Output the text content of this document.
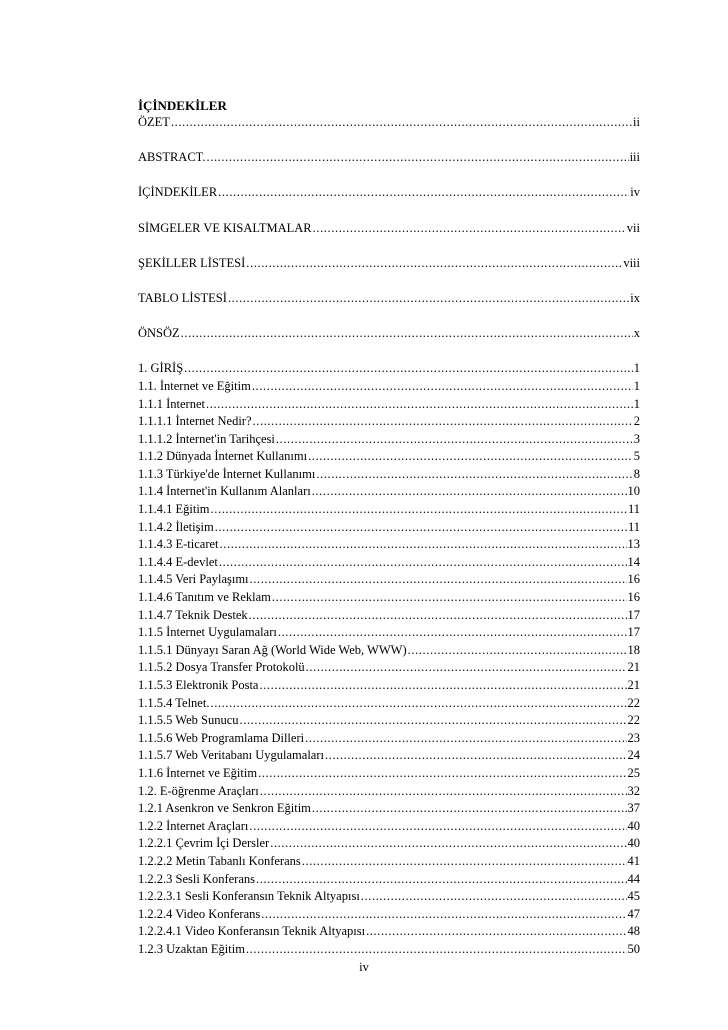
İÇİNDEKİLER
ÖZET .....	ii
ABSTRACT. .....	iii
İÇİNDEKİLER .....	iv
SİMGELER VE KISALTMALAR .....	vii
ŞEKİLLER LİSTESİ .....	viii
TABLO LİSTESİ .....	ix
ÖNSÖZ .....	x
1. GİRİŞ .....	1
1.1. İnternet ve Eğitim .....	1
1.1.1 İnternet .....	1
1.1.1.1 İnternet Nedir? .....	2
1.1.1.2 İnternet'in Tarihçesi .....	3
1.1.2 Dünyada İnternet Kullanımı .....	5
1.1.3 Türkiye'de İnternet Kullanımı .....	8
1.1.4 İnternet'in Kullanım Alanları .....	10
1.1.4.1 Eğitim .....	11
1.1.4.2 İletişim .....	11
1.1.4.3 E-ticaret .....	13
1.1.4.4 E-devlet .....	14
1.1.4.5 Veri Paylaşımı .....	16
1.1.4.6 Tanıtım ve Reklam .....	16
1.1.4.7 Teknik Destek .....	17
1.1.5 İnternet Uygulamaları .....	17
1.1.5.1 Dünyayı Saran Ağ (World Wide Web, WWW) .....	18
1.1.5.2 Dosya Transfer Protokolü .....	21
1.1.5.3 Elektronik Posta .....	21
1.1.5.4 Telnet. .....	22
1.1.5.5 Web Sunucu .....	22
1.1.5.6 Web Programlama Dilleri .....	23
1.1.5.7 Web Veritabanı Uygulamaları .....	24
1.1.6 İnternet ve Eğitim .....	25
1.2. E-öğrenme Araçları .....	32
1.2.1 Asenkron ve Senkron Eğitim .....	37
1.2.2 İnternet Araçları .....	40
1.2.2.1 Çevrim İçi Dersler .....	40
1.2.2.2 Metin Tabanlı Konferans .....	41
1.2.2.3 Sesli Konferans .....	44
1.2.2.3.1 Sesli Konferansın Teknik Altyapısı .....	45
1.2.2.4 Video Konferans .....	47
1.2.2.4.1 Video Konferansın Teknik Altyapısı .....	48
1.2.3 Uzaktan Eğitim .....	50
iv
